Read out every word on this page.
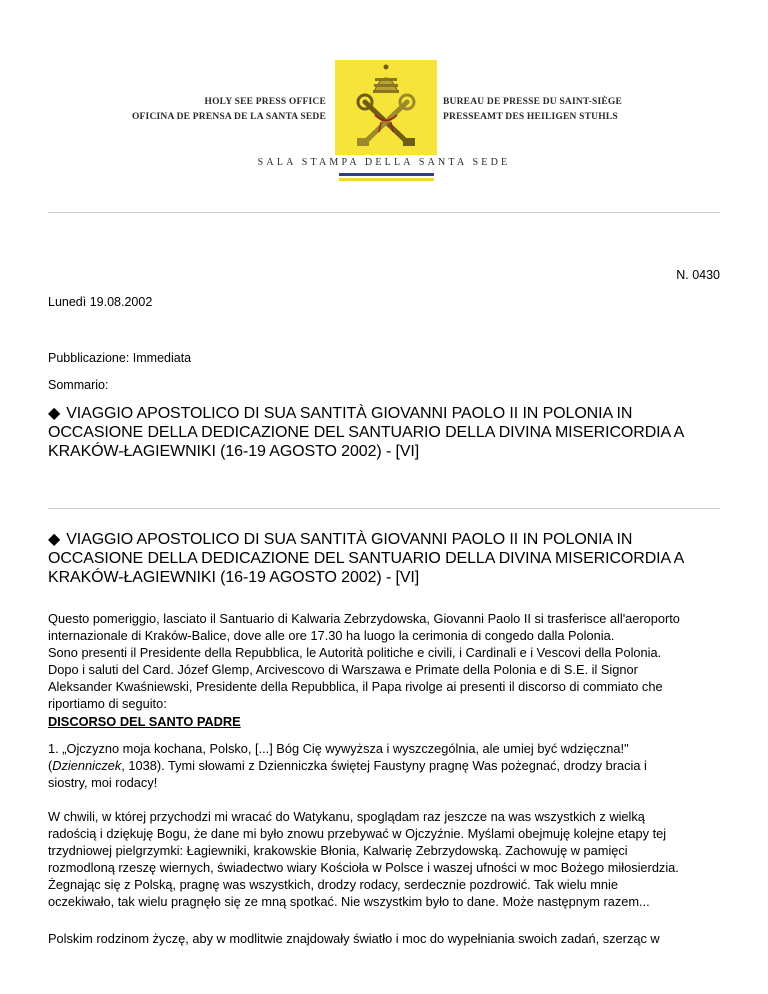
HOLY SEE PRESS OFFICE
OFICINA DE PRENSA DE LA SANTA SEDE
BUREAU DE PRESSE DU SAINT-SIÈGE
PRESSEAMT DES HEILIGEN STUHLS
SALA STAMPA DELLA SANTA SEDE
N. 0430
Lunedì 19.08.2002
Pubblicazione: Immediata
Sommario:
◆ VIAGGIO APOSTOLICO DI SUA SANTITÀ GIOVANNI PAOLO II IN POLONIA IN
OCCASIONE DELLA DEDICAZIONE DEL SANTUARIO DELLA DIVINA MISERICORDIA A
KRAKÓW-ŁAGIEWNIKI (16-19 AGOSTO 2002) - [VI]
◆ VIAGGIO APOSTOLICO DI SUA SANTITÀ GIOVANNI PAOLO II IN POLONIA IN
OCCASIONE DELLA DEDICAZIONE DEL SANTUARIO DELLA DIVINA MISERICORDIA A
KRAKÓW-ŁAGIEWNIKI (16-19 AGOSTO 2002) - [VI]

Questo pomeriggio, lasciato il Santuario di Kalwaria Zebrzydowska, Giovanni Paolo II si trasferisce all'aeroporto

internazionale di Kraków-Balice, dove alle ore 17.30 ha luogo la cerimonia di congedo dalla Polonia.

Sono presenti il Presidente della Repubblica, le Autorità politiche e civili, i Cardinali e i Vescovi della Polonia.

Dopo i saluti del Card. Józef Glemp, Arcivescovo di Warszawa e Primate della Polonia e di S.E. il Signor

Aleksander Kwaśniewski, Presidente della Repubblica, il Papa rivolge ai presenti il discorso di commiato che

riportiamo di seguito:

DISCORSO DEL SANTO PADRE

1. „Ojczyzno moja kochana, Polsko, [...] Bóg Cię wywyższa i wyszczególnia, ale umiej być wdzięczna!"

(Dzienniczek, 1038). Tymi słowami z Dzienniczka świętej Faustyny pragnę Was pożegnać, drodzy bracia i

siostry, moi rodacy!

W chwili, w której przychodzi mi wracać do Watykanu, spoglądam raz jeszcze na was wszystkich z wielką

radością i dziękuję Bogu, że dane mi było znowu przebywać w Ojczyźnie. Myślami obejmuję kolejne etapy tej

trzydniowej pielgrzymki: Łagiewniki, krakowskie Błonia, Kalwarię Zebrzydowską. Zachowuję w pamięci

rozmodloną rzeszę wiernych, świadectwo wiary Kościoła w Polsce i waszej ufności w moc Bożego miłosierdzia.

Żegnając się z Polską, pragnę was wszystkich, drodzy rodacy, serdecznie pozdrowić. Tak wielu mnie

oczekiwało, tak wielu pragnęło się ze mną spotkać. Nie wszystkim było to dane. Może następnym razem...

Polskim rodzinom życzę, aby w modlitwie znajdowały światło i moc do wypełniania swoich zadań, szerząc w
